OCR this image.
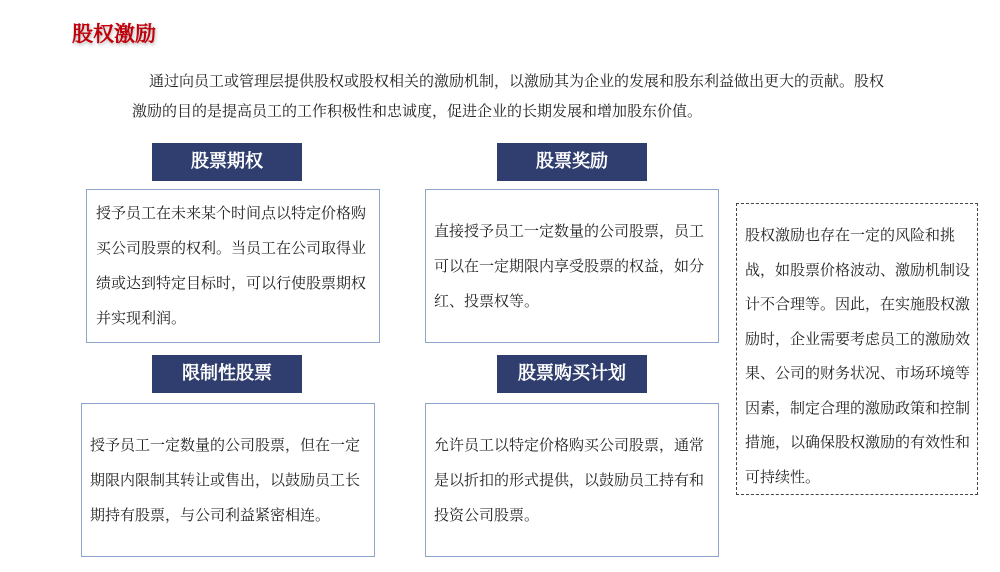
股权激励
通过向员工或管理层提供股权或股权相关的激励机制，以激励其为企业的发展和股东利益做出更大的贡献。股权激励的目的是提高员工的工作积极性和忠诚度，促进企业的长期发展和增加股东价值。
股票期权
授予员工在未来某个时间点以特定价格购买公司股票的权利。当员工在公司取得业绩或达到特定目标时，可以行使股票期权并实现利润。
股票奖励
直接授予员工一定数量的公司股票，员工可以在一定期限内享受股票的权益，如分红、投票权等。
限制性股票
授予员工一定数量的公司股票，但在一定期限内限制其转让或售出，以鼓励员工长期持有股票，与公司利益紧密相连。
股票购买计划
允许员工以特定价格购买公司股票，通常是以折扣的形式提供，以鼓励员工持有和投资公司股票。
股权激励也存在一定的风险和挑战，如股票价格波动、激励机制设计不合理等。因此，在实施股权激励时，企业需要考虑员工的激励效果、公司的财务状况、市场环境等因素，制定合理的激励政策和控制措施，以确保股权激励的有效性和可持续性。
